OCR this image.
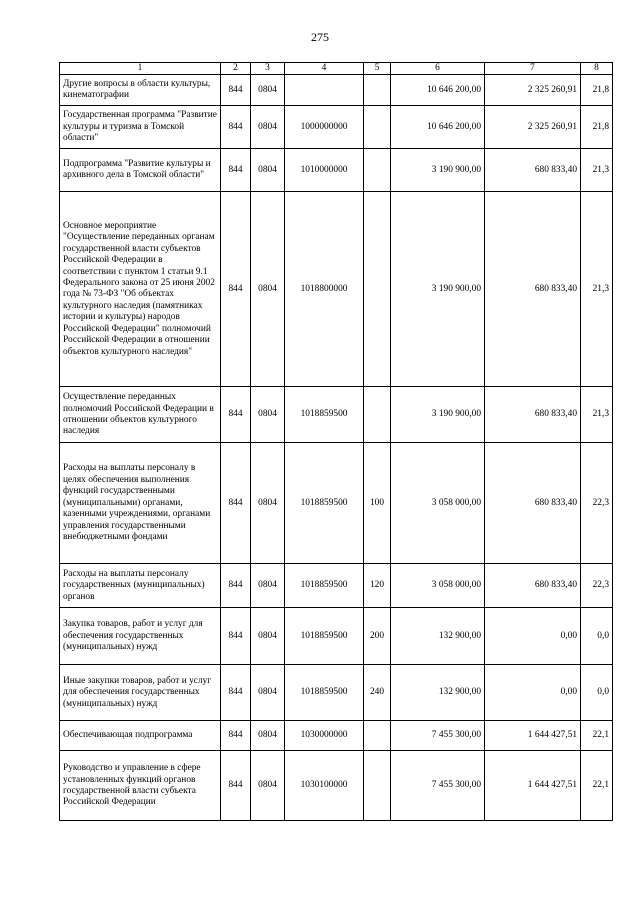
275
1	2	3	4	5	6	7	8
Другие вопросы в области культуры, кинематографии	844	0804			10 646 200,00	2 325 260,91	21,8
Государственная программа "Развитие культуры и туризма в Томской области"	844	0804	1000000000		10 646 200,00	2 325 260,91	21,8
Подпрограмма "Развитие культуры и архивного дела в Томской области"	844	0804	1010000000		3 190 900,00	680 833,40	21,3
Основное мероприятие "Осуществление переданных органам государственной власти субъектов Российской Федерации в соответствии с пунктом 1 статьи 9.1 Федерального закона от 25 июня 2002 года № 73-ФЗ "Об объектах культурного наследия (памятниках истории и культуры) народов Российской Федерации" полномочий Российской Федерации в отношении объектов культурного наследия"	844	0804	1018800000		3 190 900,00	680 833,40	21,3
Осуществление переданных полномочий Российской Федерации в отношении объектов культурного наследия	844	0804	1018859500		3 190 900,00	680 833,40	21,3
Расходы на выплаты персоналу в целях обеспечения выполнения функций государственными (муниципальными) органами, казенными учреждениями, органами управления государственными внебюджетными фондами	844	0804	1018859500	100	3 058 000,00	680 833,40	22,3
Расходы на выплаты персоналу государственных (муниципальных) органов	844	0804	1018859500	120	3 058 000,00	680 833,40	22,3
Закупка товаров, работ и услуг для обеспечения государственных (муниципальных) нужд	844	0804	1018859500	200	132 900,00	0,00	0,0
Иные закупки товаров, работ и услуг для обеспечения государственных (муниципальных) нужд	844	0804	1018859500	240	132 900,00	0,00	0,0
Обеспечивающая подпрограмма	844	0804	1030000000		7 455 300,00	1 644 427,51	22,1
Руководство и управление в сфере установленных функций органов государственной власти субъекта Российской Федерации	844	0804	1030100000		7 455 300,00	1 644 427,51	22,1
